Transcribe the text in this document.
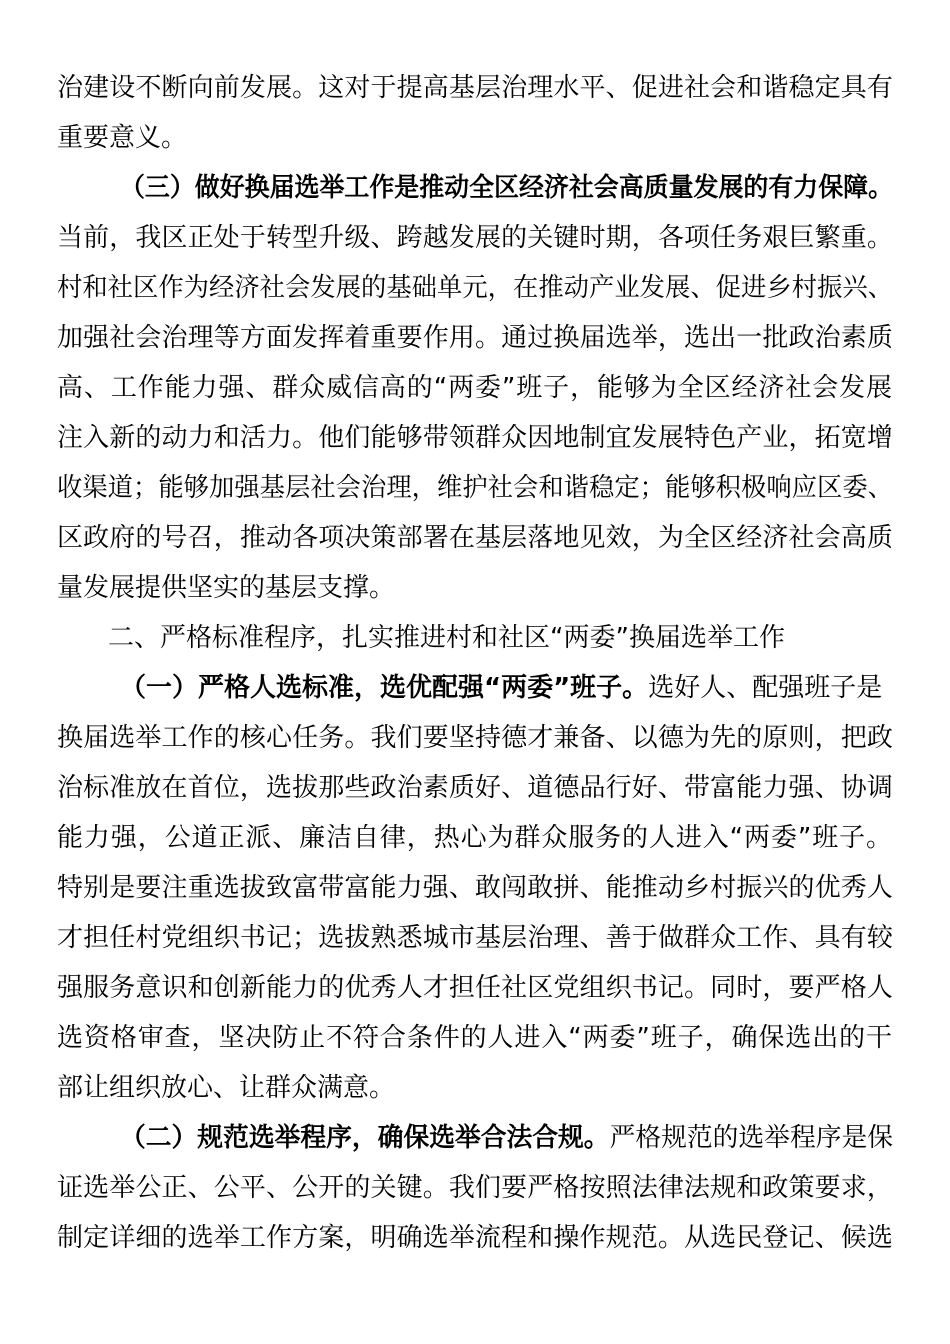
治建设不断向前发展。这对于提高基层治理水平、促进社会和谐稳定具有
重要意义。
（三）做好换届选举工作是推动全区经济社会高质量发展的有力保障。
当前，我区正处于转型升级、跨越发展的关键时期，各项任务艰巨繁重。
村和社区作为经济社会发展的基础单元，在推动产业发展、促进乡村振兴、
加强社会治理等方面发挥着重要作用。通过换届选举，选出一批政治素质
高、工作能力强、群众威信高的“两委”班子，能够为全区经济社会发展
注入新的动力和活力。他们能够带领群众因地制宜发展特色产业，拓宽增
收渠道；能够加强基层社会治理，维护社会和谐稳定；能够积极响应区委、
区政府的号召，推动各项决策部署在基层落地见效，为全区经济社会高质
量发展提供坚实的基层支撑。
二、严格标准程序，扎实推进村和社区“两委”换届选举工作
（一）严格人选标准，选优配强“两委”班子。选好人、配强班子是
换届选举工作的核心任务。我们要坚持德才兼备、以德为先的原则，把政
治标准放在首位，选拔那些政治素质好、道德品行好、带富能力强、协调
能力强，公道正派、廉洁自律，热心为群众服务的人进入“两委”班子。
特别是要注重选拔致富带富能力强、敢闯敢拼、能推动乡村振兴的优秀人
才担任村党组织书记；选拔熟悉城市基层治理、善于做群众工作、具有较
强服务意识和创新能力的优秀人才担任社区党组织书记。同时，要严格人
选资格审查，坚决防止不符合条件的人进入“两委”班子，确保选出的干
部让组织放心、让群众满意。
（二）规范选举程序，确保选举合法合规。严格规范的选举程序是保
证选举公正、公平、公开的关键。我们要严格按照法律法规和政策要求，
制定详细的选举工作方案，明确选举流程和操作规范。从选民登记、候选
